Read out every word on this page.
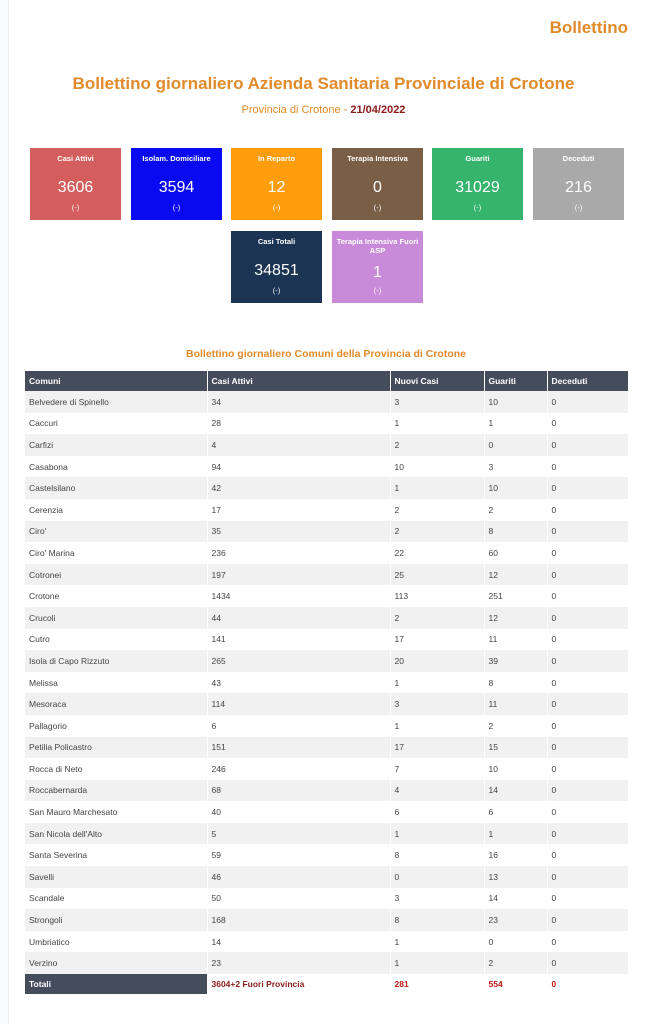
Bollettino
Bollettino giornaliero Azienda Sanitaria Provinciale di Crotone
Provincia di Crotone - 21/04/2022
Casi Attivi
3606
(-)
Isolam. Domiciliare
3594
(-)
In Reparto
12
(-)
Terapia Intensiva
0
(-)
Guariti
31029
(-)
Deceduti
216
(-)
Casi Totali
34851
(-)
Terapia Intensiva Fuori ASP
1
(-)
Bollettino giornaliero Comuni della Provincia di Crotone
Comuni	Casi Attivi	Nuovi Casi	Guariti	Deceduti
Belvedere di Spinello	34	3	10	0
Caccuri	28	1	1	0
Carfizi	4	2	0	0
Casabona	94	10	3	0
Castelsilano	42	1	10	0
Cerenzia	17	2	2	0
Ciro'	35	2	8	0
Ciro' Marina	236	22	60	0
Cotronei	197	25	12	0
Crotone	1434	113	251	0
Crucoli	44	2	12	0
Cutro	141	17	11	0
Isola di Capo Rizzuto	265	20	39	0
Melissa	43	1	8	0
Mesoraca	114	3	11	0
Pallagorio	6	1	2	0
Petilia Policastro	151	17	15	0
Rocca di Neto	246	7	10	0
Roccabernarda	68	4	14	0
San Mauro Marchesato	40	6	6	0
San Nicola dell'Alto	5	1	1	0
Santa Severina	59	8	16	0
Savelli	46	0	13	0
Scandale	50	3	14	0
Strongoli	168	8	23	0
Umbriatico	14	1	0	0
Verzino	23	1	2	0
Totali	3604+2 Fuori Provincia	281	554	0
